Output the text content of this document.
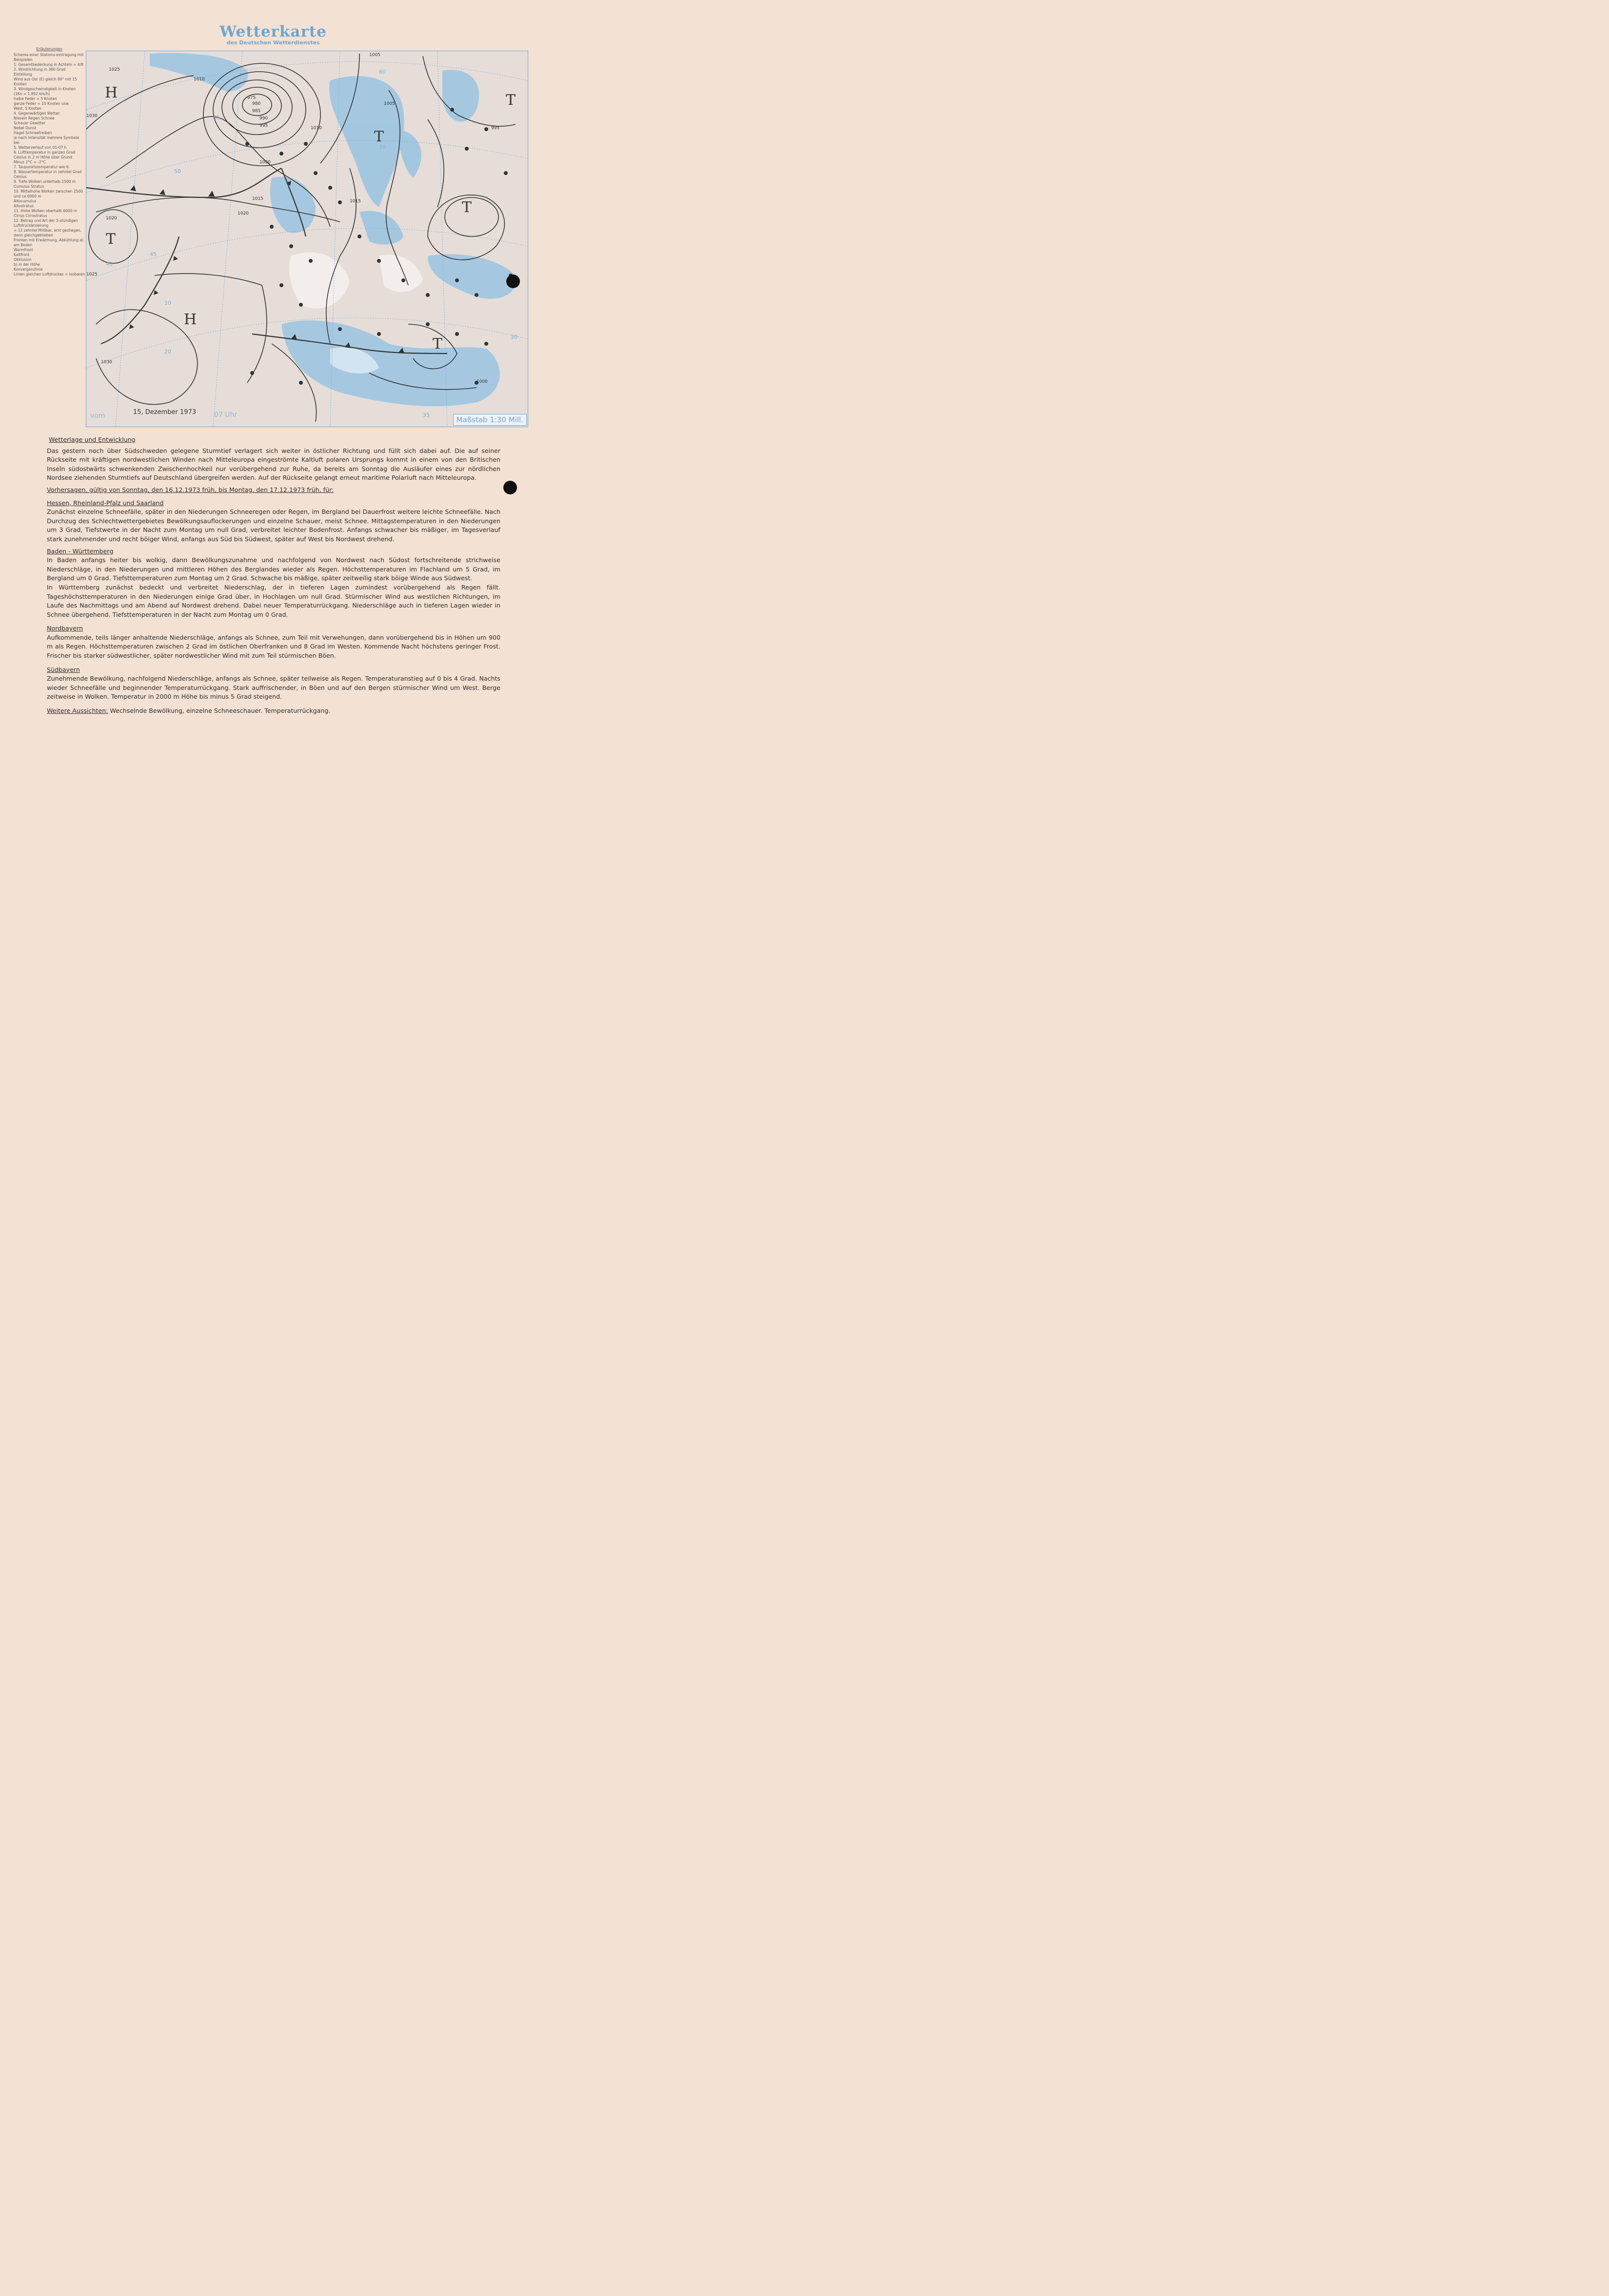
Wetterkarte
des Deutschen Wetterdienstes
Erläuterungen
Schema einer Stations-eintragung mit Beispielen
1. Gesamtbedeckung in Achteln = 4/8
2. Windrichtung in 360 Grad Einteilung
Wind aus Ost (E) gleich 90° mit 15 Knoten
3. Windgeschwindigkeit in Knoten (1Kn = 1.852 km/h)
halbe Feder = 5 Knoten
ganze Feder = 10 Knoten usw.
West, 5 Knoten
4. Gegenwärtiges Wetter:
Nieseln Regen Schnee
Schauer Gewitter
Nebel Dunst
Hagel Schneetreiben
je nach Intensität mehrere Symbole bei
5. Wetterverlauf von 01-07 h
6. Lufttemperatur in ganzen Grad Celsius in 2 m Höhe über Grund. Minus 2°C = -2°C
7. Taupunktstemperatur wie 6.
8. Wassertemperatur in zehntel Grad Celsius
9. Tiefe Wolken unterhalb 2500 m
Cumulus Stratus
10. Mittelhohe Wolken zwischen 2500 und ca 6000 m
Altocumulus
Altostratus
11. Hohe Wolken oberhalb 6000 m
Cirrus Cirrostratus
12. Betrag und Art der 3-stündigen Luftdruckänderung
= 12 zehntel Millibar, erst gestiegen, dann gleichgeblieben
Fronten mit Erwärmung, Abkühlung a) am Boden
Warmfront
Kaltfront
Okklusion
b) in der Höhe
Konvergenzlinie
Linien gleichen Luftdruckes = Isobaren
H
T
H
T
T
T
T
1025
1030
1020
1010
1005
1000
995
990
985
980
975
1015
1030
1025
1020
1010
1005
1000
995
1015
40
50
60
70
10
20
30
35
45
55
vom	15, Dezember 1973	07 Uhr
Maßstab 1:30 Mill.
Wetterlage und Entwicklung
Das gestern noch über Südschweden gelegene Sturmtief verlagert sich weiter in östlicher Richtung und füllt sich dabei auf. Die auf seiner Rückseite mit kräftigen nordwestlichen Winden nach Mitteleuropa eingeströmte Kaltluft polaren Ursprungs kommt in einem von den Britischen Inseln südostwärts schwenkenden Zwischenhochkeil nur vorübergehend zur Ruhe, da bereits am Sonntag die Ausläufer eines zur nördlichen Nordsee ziehenden Sturmtiefs auf Deutschland übergreifen werden. Auf der Rückseite gelangt erneut maritime Polarluft nach Mitteleuropa.
Vorhersagen, gültig von Sonntag, den 16.12.1973 früh, bis Montag, den 17.12.1973 früh, für:
Hessen, Rheinland-Pfalz und Saarland
Zunächst einzelne Schneefälle, später in den Niederungen Schneeregen oder Regen, im Bergland bei Dauerfrost weitere leichte Schneefälle. Nach Durchzug des Schlechtwettergebietes Bewölkungsauflockerungen und einzelne Schauer, meist Schnee. Mittagstemperaturen in den Niederungen um 3 Grad, Tiefstwerte in der Nacht zum Montag um null Grad, verbreitet leichter Bodenfrost. Anfangs schwacher bis mäßiger, im Tagesverlauf stark zunehmender und recht böiger Wind, anfangs aus Süd bis Südwest, später auf West bis Nordwest drehend.
Baden - Württemberg
In Baden anfangs heiter bis wolkig, dann Bewölkungszunahme und nachfolgend von Nordwest nach Südost fortschreitende strichweise Niederschläge, in den Niederungen und mittleren Höhen des Berglandes wieder als Regen. Höchsttemperaturen im Flachland um 5 Grad, im Bergland um 0 Grad. Tiefsttemperaturen zum Montag um 2 Grad. Schwache bis mäßige, später zeitweilig stark böige Winde aus Südwest.
In Württemberg zunächst bedeckt und verbreitet Niederschlag, der in tieferen Lagen zumindest vorübergehend als Regen fällt. Tageshöchsttemperaturen in den Niederungen einige Grad über, in Hochlagen um null Grad. Stürmischer Wind aus westlichen Richtungen, im Laufe des Nachmittags und am Abend auf Nordwest drehend. Dabei neuer Temperaturrückgang. Niederschläge auch in tieferen Lagen wieder in Schnee übergehend. Tiefsttemperaturen in der Nacht zum Montag um 0 Grad.
Nordbayern
Aufkommende, teils länger anhaltende Niederschläge, anfangs als Schnee, zum Teil mit Verwehungen, dann vorübergehend bis in Höhen um 900 m als Regen. Höchsttemperaturen zwischen 2 Grad im östlichen Oberfranken und 8 Grad im Westen. Kommende Nacht höchstens geringer Frost. Frischer bis starker südwestlicher, später nordwestlicher Wind mit zum Teil stürmischen Böen.
Südbayern
Zunehmende Bewölkung, nachfolgend Niederschläge, anfangs als Schnee, später teilweise als Regen. Temperaturanstieg auf 0 bis 4 Grad. Nachts wieder Schneefälle und beginnender Temperaturrückgang. Stark auffrischender, in Böen und auf den Bergen stürmischer Wind um West. Berge zeitweise in Wolken. Temperatur in 2000 m Höhe bis minus 5 Grad steigend.
Weitere Aussichten: Wechselnde Bewölkung, einzelne Schneeschauer. Temperaturrückgang.
